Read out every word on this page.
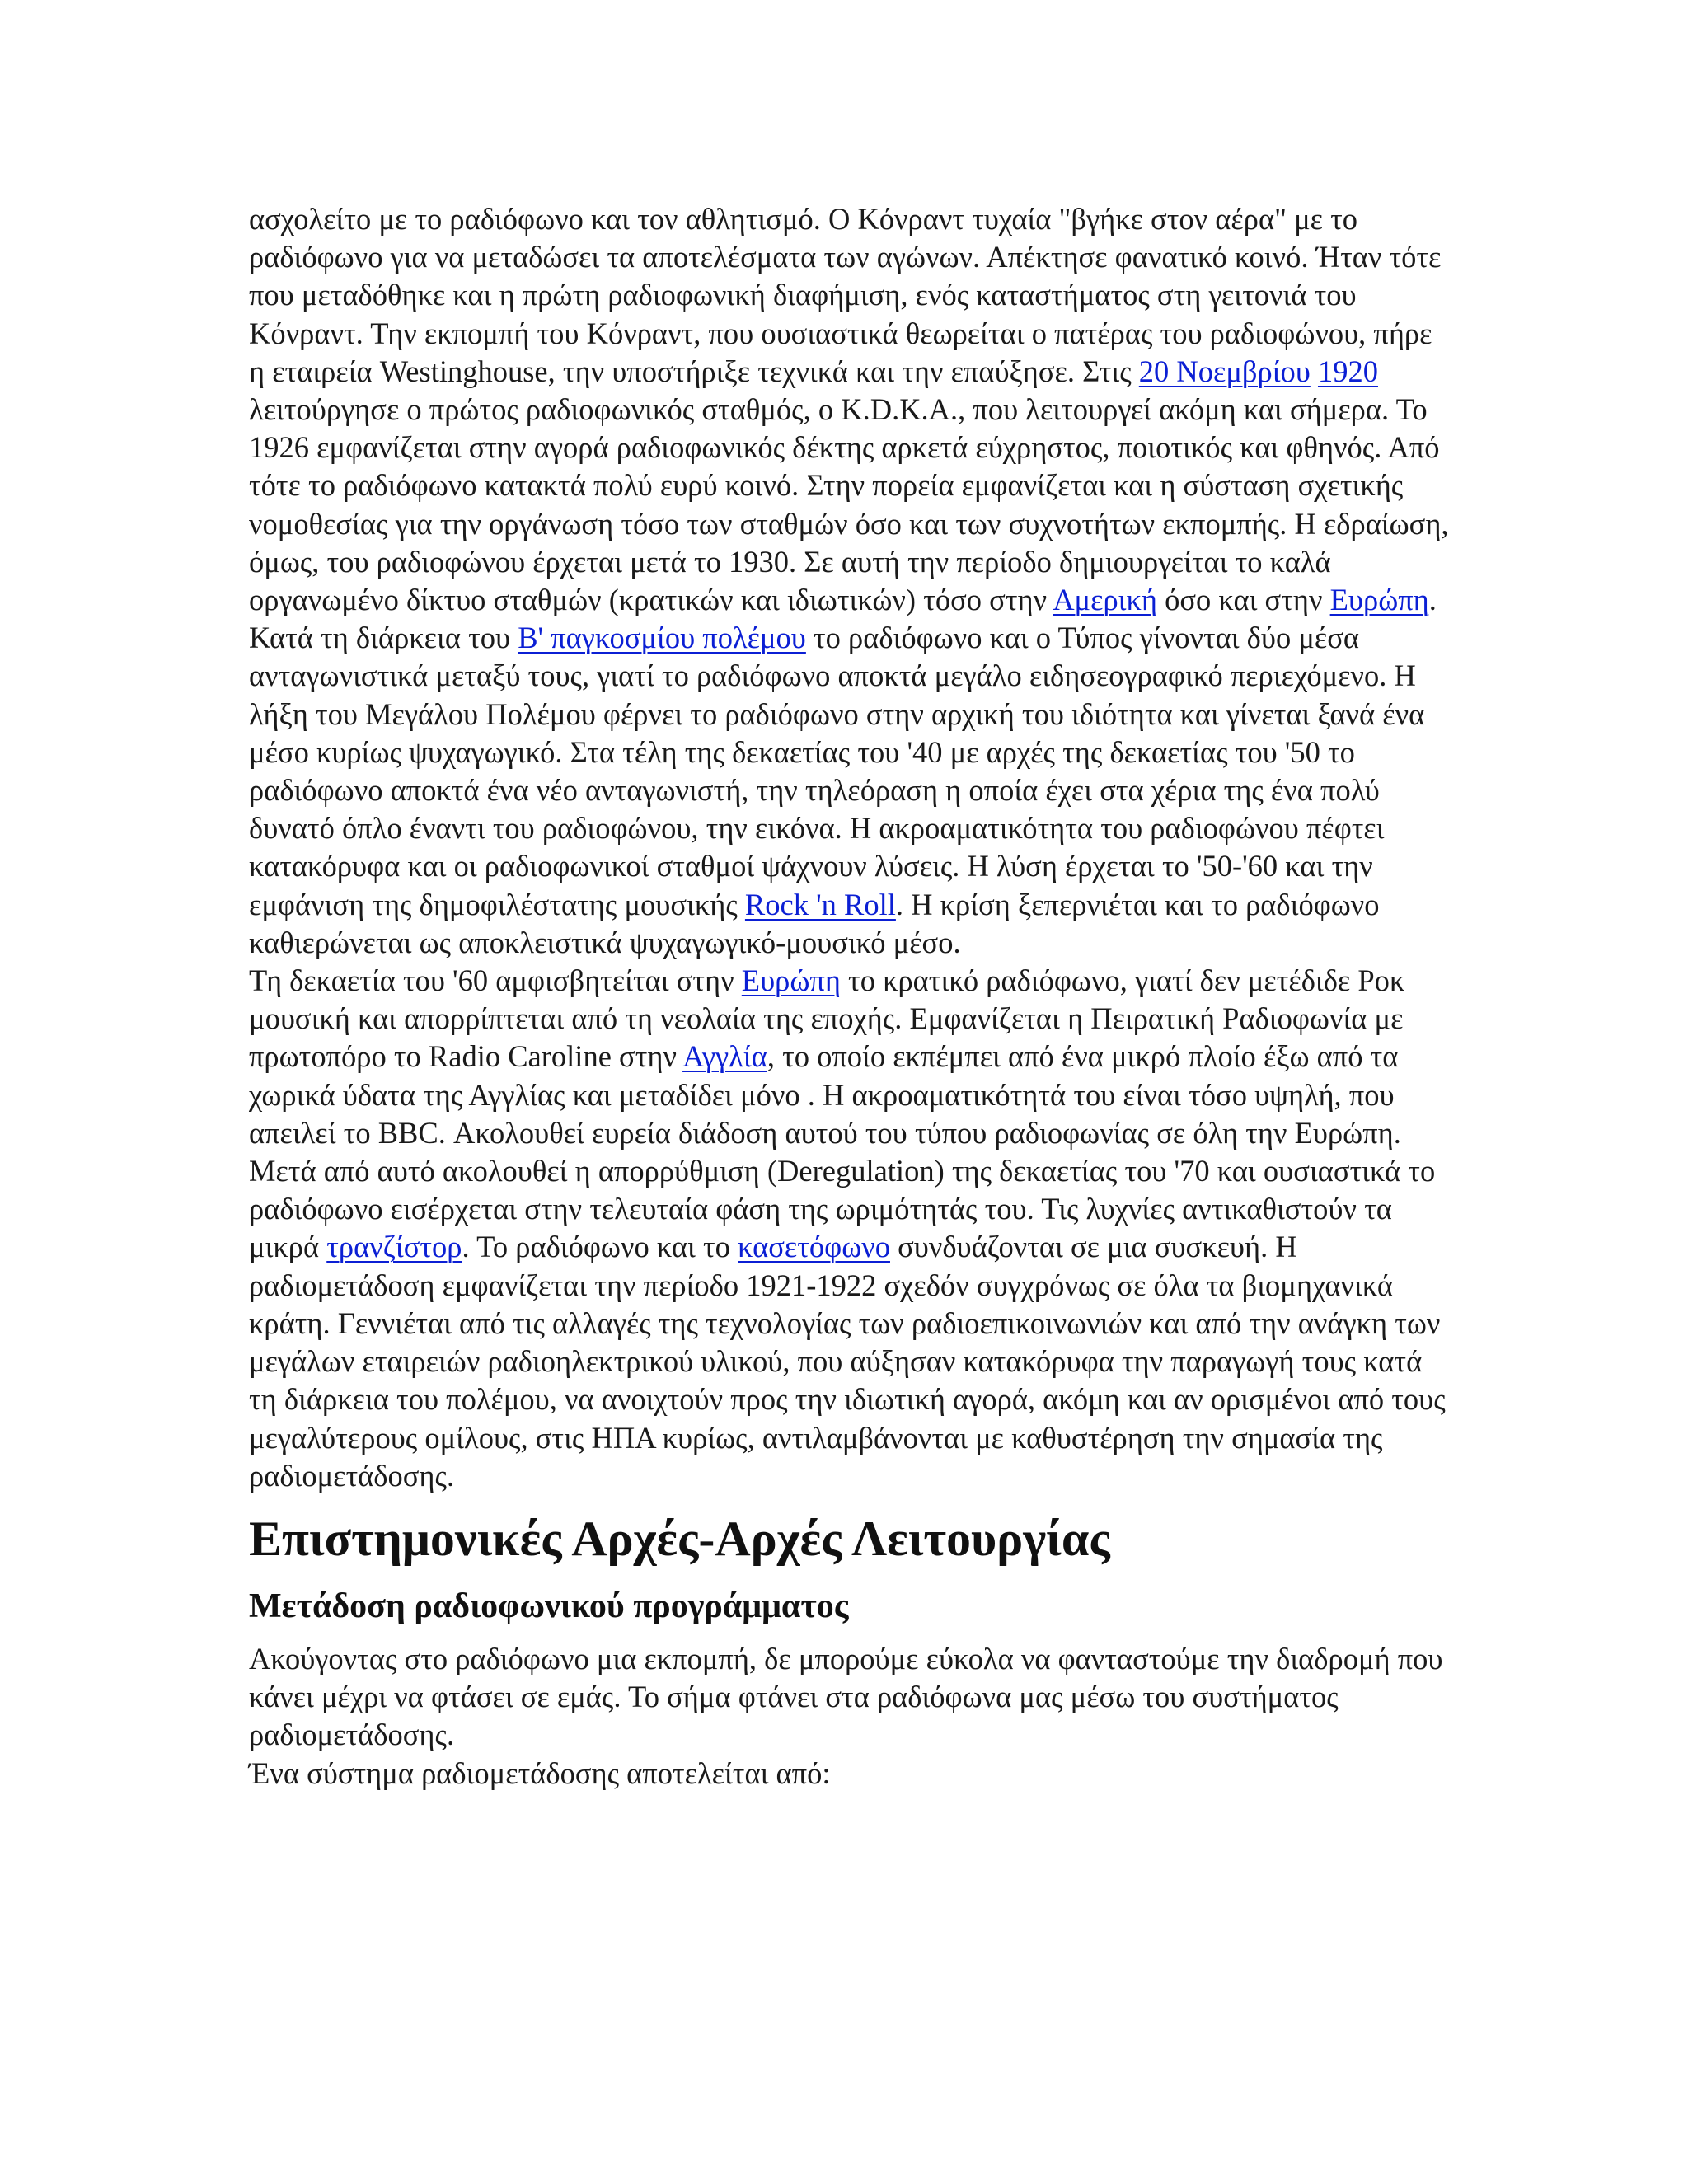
ασχολείτο με το ραδιόφωνο και τον αθλητισμό. Ο Κόνραντ τυχαία "βγήκε στον αέρα" με το ραδιόφωνο για να μεταδώσει τα αποτελέσματα των αγώνων. Απέκτησε φανατικό κοινό. Ήταν τότε που μεταδόθηκε και η πρώτη ραδιοφωνική διαφήμιση, ενός καταστήματος στη γειτονιά του Κόνραντ. Την εκπομπή του Κόνραντ, που ουσιαστικά θεωρείται ο πατέρας του ραδιοφώνου, πήρε η εταιρεία Westinghouse, την υποστήριξε τεχνικά και την επαύξησε. Στις 20 Νοεμβρίου 1920 λειτούργησε ο πρώτος ραδιοφωνικός σταθμός, ο K.D.K.A., που λειτουργεί ακόμη και σήμερα. Το 1926 εμφανίζεται στην αγορά ραδιοφωνικός δέκτης αρκετά εύχρηστος, ποιοτικός και φθηνός. Από τότε το ραδιόφωνο κατακτά πολύ ευρύ κοινό. Στην πορεία εμφανίζεται και η σύσταση σχετικής νομοθεσίας για την οργάνωση τόσο των σταθμών όσο και των συχνοτήτων εκπομπής. Η εδραίωση, όμως, του ραδιοφώνου έρχεται μετά το 1930. Σε αυτή την περίοδο δημιουργείται το καλά οργανωμένο δίκτυο σταθμών (κρατικών και ιδιωτικών) τόσο στην Αμερική όσο και στην Ευρώπη.

Κατά τη διάρκεια του Β' παγκοσμίου πολέμου το ραδιόφωνο και ο Τύπος γίνονται δύο μέσα ανταγωνιστικά μεταξύ τους, γιατί το ραδιόφωνο αποκτά μεγάλο ειδησεογραφικό περιεχόμενο. Η λήξη του Μεγάλου Πολέμου φέρνει το ραδιόφωνο στην αρχική του ιδιότητα και γίνεται ξανά ένα μέσο κυρίως ψυχαγωγικό. Στα τέλη της δεκαετίας του '40 με αρχές της δεκαετίας του '50 το ραδιόφωνο αποκτά ένα νέο ανταγωνιστή, την τηλεόραση η οποία έχει στα χέρια της ένα πολύ δυνατό όπλο έναντι του ραδιοφώνου, την εικόνα. Η ακροαματικότητα του ραδιοφώνου πέφτει κατακόρυφα και οι ραδιοφωνικοί σταθμοί ψάχνουν λύσεις. Η λύση έρχεται το '50-'60 και την εμφάνιση της δημοφιλέστατης μουσικής Rock 'n Roll. Η κρίση ξεπερνιέται και το ραδιόφωνο καθιερώνεται ως αποκλειστικά ψυχαγωγικό-μουσικό μέσο.

Τη δεκαετία του '60 αμφισβητείται στην Ευρώπη το κρατικό ραδιόφωνο, γιατί δεν μετέδιδε Ροκ μουσική και απορρίπτεται από τη νεολαία της εποχής. Εμφανίζεται η Πειρατική Ραδιοφωνία με πρωτοπόρο το Radio Caroline στην Αγγλία, το οποίο εκπέμπει από ένα μικρό πλοίο έξω από τα χωρικά ύδατα της Αγγλίας και μεταδίδει μόνο . Η ακροαματικότητά του είναι τόσο υψηλή, που απειλεί το BBC. Ακολουθεί ευρεία διάδοση αυτού του τύπου ραδιοφωνίας σε όλη την Ευρώπη.

Μετά από αυτό ακολουθεί η απορρύθμιση (Deregulation) της δεκαετίας του '70 και ουσιαστικά το ραδιόφωνο εισέρχεται στην τελευταία φάση της ωριμότητάς του. Τις λυχνίες αντικαθιστούν τα μικρά τρανζίστορ. Το ραδιόφωνο και το κασετόφωνο συνδυάζονται σε μια συσκευή. Η ραδιομετάδοση εμφανίζεται την περίοδο 1921-1922 σχεδόν συγχρόνως σε όλα τα βιομηχανικά κράτη. Γεννιέται από τις αλλαγές της τεχνολογίας των ραδιοεπικοινωνιών και από την ανάγκη των μεγάλων εταιρειών ραδιοηλεκτρικού υλικού, που αύξησαν κατακόρυφα την παραγωγή τους κατά τη διάρκεια του πολέμου, να ανοιχτούν προς την ιδιωτική αγορά, ακόμη και αν ορισμένοι από τους μεγαλύτερους ομίλους, στις ΗΠΑ κυρίως, αντιλαμβάνονται με καθυστέρηση την σημασία της ραδιομετάδοσης.

Επιστημονικές Αρχές-Αρχές Λειτουργίας
Μετάδοση ραδιοφωνικού προγράμματος

Ακούγοντας στο ραδιόφωνο μια εκπομπή, δε μπορούμε εύκολα να φανταστούμε την διαδρομή που κάνει μέχρι να φτάσει σε εμάς. Το σήμα φτάνει στα ραδιόφωνα μας μέσω του συστήματος ραδιομετάδοσης.

Ένα σύστημα ραδιομετάδοσης αποτελείται από:
